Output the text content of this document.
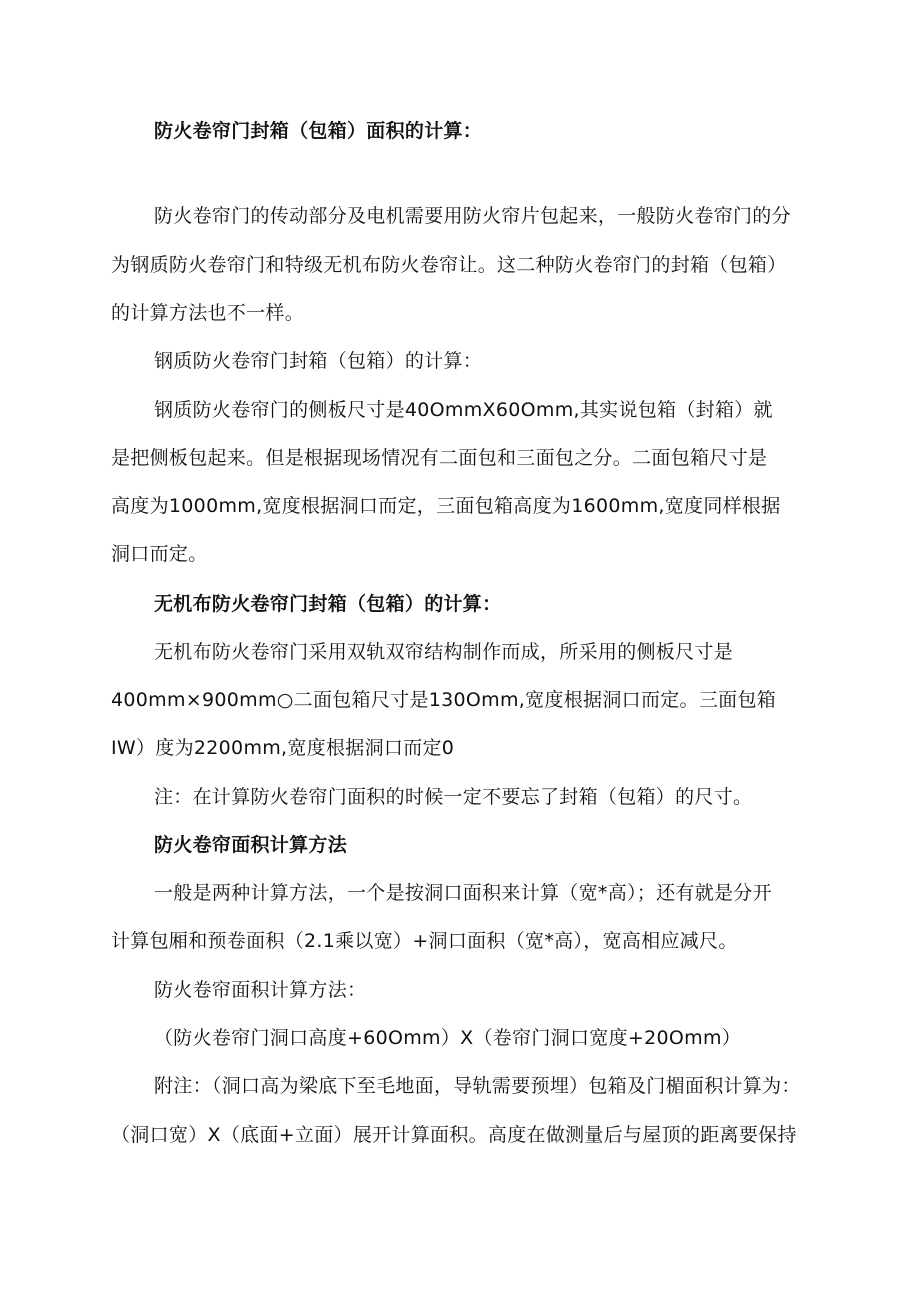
防火卷帘门封箱（包箱）面积的计算：
防火卷帘门的传动部分及电机需要用防火帘片包起来，一般防火卷帘门的分
为钢质防火卷帘门和特级无机布防火卷帘让。这二种防火卷帘门的封箱（包箱）
的计算方法也不一样。
钢质防火卷帘门封箱（包箱）的计算：
钢质防火卷帘门的侧板尺寸是40OmmX60Omm,其实说包箱（封箱）就
是把侧板包起来。但是根据现场情况有二面包和三面包之分。二面包箱尺寸是
高度为1000mm,宽度根据洞口而定，三面包箱高度为1600mm,宽度同样根据
洞口而定。
无机布防火卷帘门封箱（包箱）的计算：
无机布防火卷帘门采用双轨双帘结构制作而成，所采用的侧板尺寸是
400mm×900mm○二面包箱尺寸是130Omm,宽度根据洞口而定。三面包箱
IW）度为2200mm,宽度根据洞口而定0
注：在计算防火卷帘门面积的时候一定不要忘了封箱（包箱）的尺寸。
防火卷帘面积计算方法
一般是两种计算方法，一个是按洞口面积来计算（宽*高）；还有就是分开
计算包厢和预卷面积（2.1乘以宽）+洞口面积（宽*高），宽高相应减尺。
防火卷帘面积计算方法：
（防火卷帘门洞口高度+60Omm）X（卷帘门洞口宽度+20Omm）
附注：（洞口高为梁底下至毛地面，导轨需要预埋）包箱及门楣面积计算为：
（洞口宽）X（底面+立面）展开计算面积。高度在做测量后与屋顶的距离要保持
